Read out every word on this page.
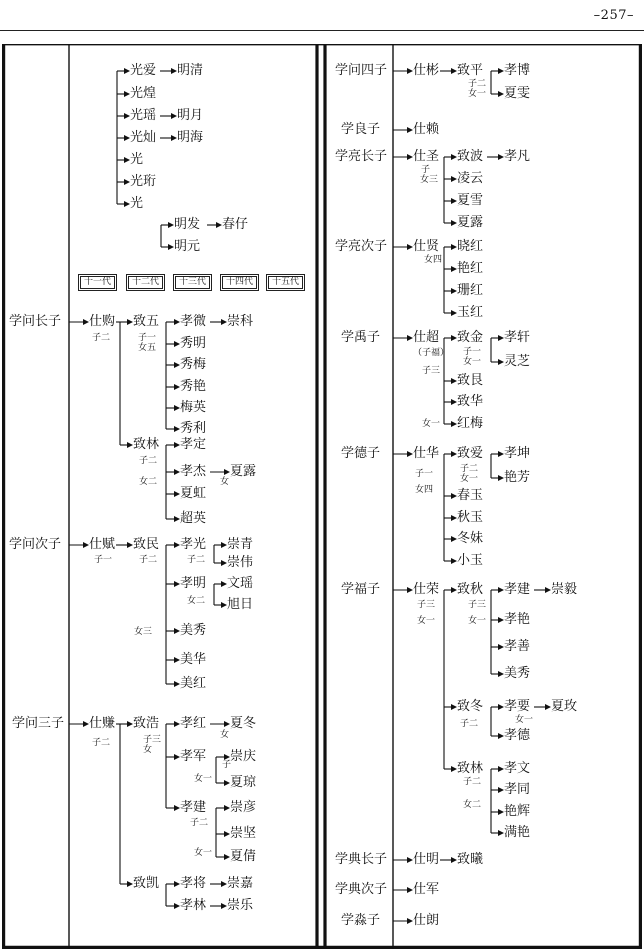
–257–
十一代	十二代	十三代	十四代	十五代
光爱 明清
光煌
光瑶 明月
光灿 明海
光
光珩
光
明发 春仔
明元
学问长子 仕购 致五 孝微 崇科
秀明
秀梅
秀艳
梅英
秀利
致林 孝定
孝杰 夏露
夏虹
超英
学问次子 仕赋 致民 孝光 崇青
崇伟
孝明 文瑶
旭日
美秀
美华
美红
学问三子 仕赚 致浩 孝红 夏冬
孝军 崇庆
夏琼
孝建 崇彦
崇坚
夏倩
致凯 孝将 崇嘉
孝林 崇乐
学问四子 仕彬 致平 孝博
夏雯
学良子	仕赖
学亮长子 仕圣 致波 孝凡
凌云
夏雪
夏露
学亮次子 仕贤 晓红
艳红
珊红
玉红
学禹子	仕超 致金 孝轩
灵芝
致艮
致华
红梅
学德子	仕华 致爱 孝坤
艳芳
春玉
秋玉
冬妹
小玉
学福子	仕荣 致秋 孝建 崇毅
孝艳
孝善
美秀
致冬 孝要 夏玫
孝德
致林 孝文
孝同
艳辉
满艳
学典长子 仕明 致曦
学典次子 仕军
学淼子	仕朗
子二	子一
女五
子二
女二	女
子一	子二	子二
女二
女三
子二	子三
女
女
子
女一
子二
女一
子二
女一
子
女三
女四
（子福） 子一
女一
子三
女一
子一
女四
子二
女一
子三
女一
子三
女一
子二	女一
子二
女二
